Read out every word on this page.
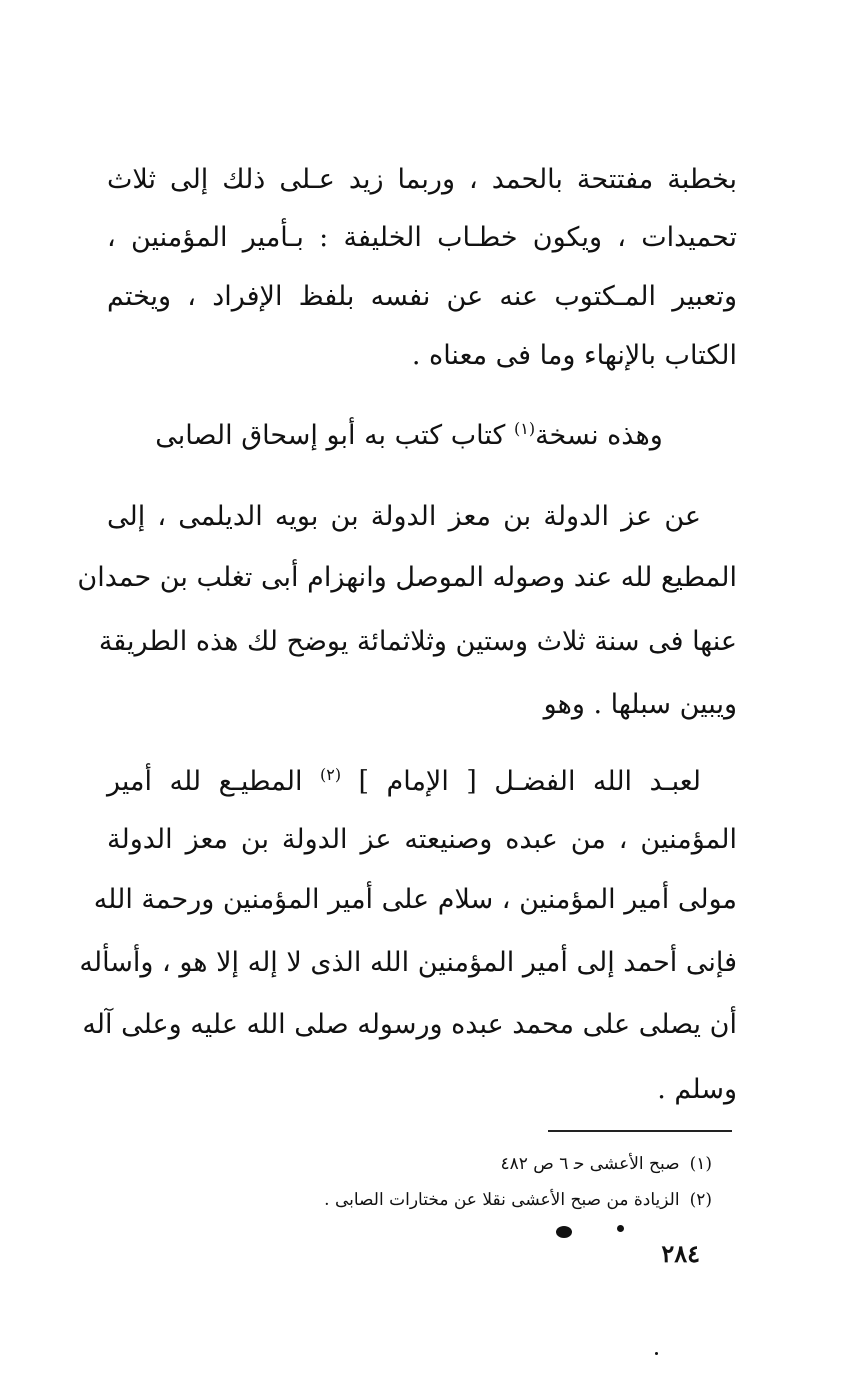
بخطبة مفتتحة بالحمد ، وربما زيد عـلى ذلك إلى ثلاث
تحميدات ، ويكون خطـاب الخليفة : بـأمير المؤمنين ،
وتعبير المـكتوب عنه عن نفسه بلفظ الإفراد ، ويختم
الكتاب بالإنهاء وما فى معناه .
وهذه نسخة$^{(١)}$ كتاب كتب به أبو إسحاق الصابى
عن عز الدولة بن معز الدولة بن بويه الديلمى ، إلى
المطيع لله عند وصوله الموصل وانهزام أبى تغلب بن حمدان
عنها فى سنة ثلاث وستين وثلاثمائة يوضح لك هذه الطريقة
ويبين سبلها . وهو
لعبـد الله الفضـل [ الإمام ] $^{(٢)}$ المطيـع لله أمير
المؤمنين ، من عبده وصنيعته عز الدولة بن معز الدولة
مولى أمير المؤمنين ، سلام على أمير المؤمنين ورحمة الله
فإنى أحمد إلى أمير المؤمنين الله الذى لا إله إلا هو ، وأسأله
أن يصلى على محمد عبده ورسوله صلى الله عليه وعلى آله
وسلم .
(١)صبح الأعشى ﺣ ٦ ص ٤٨٢
(٢)الزيادة من صبح الأعشى نقلا عن مختارات الصابى .
٢٨٤
